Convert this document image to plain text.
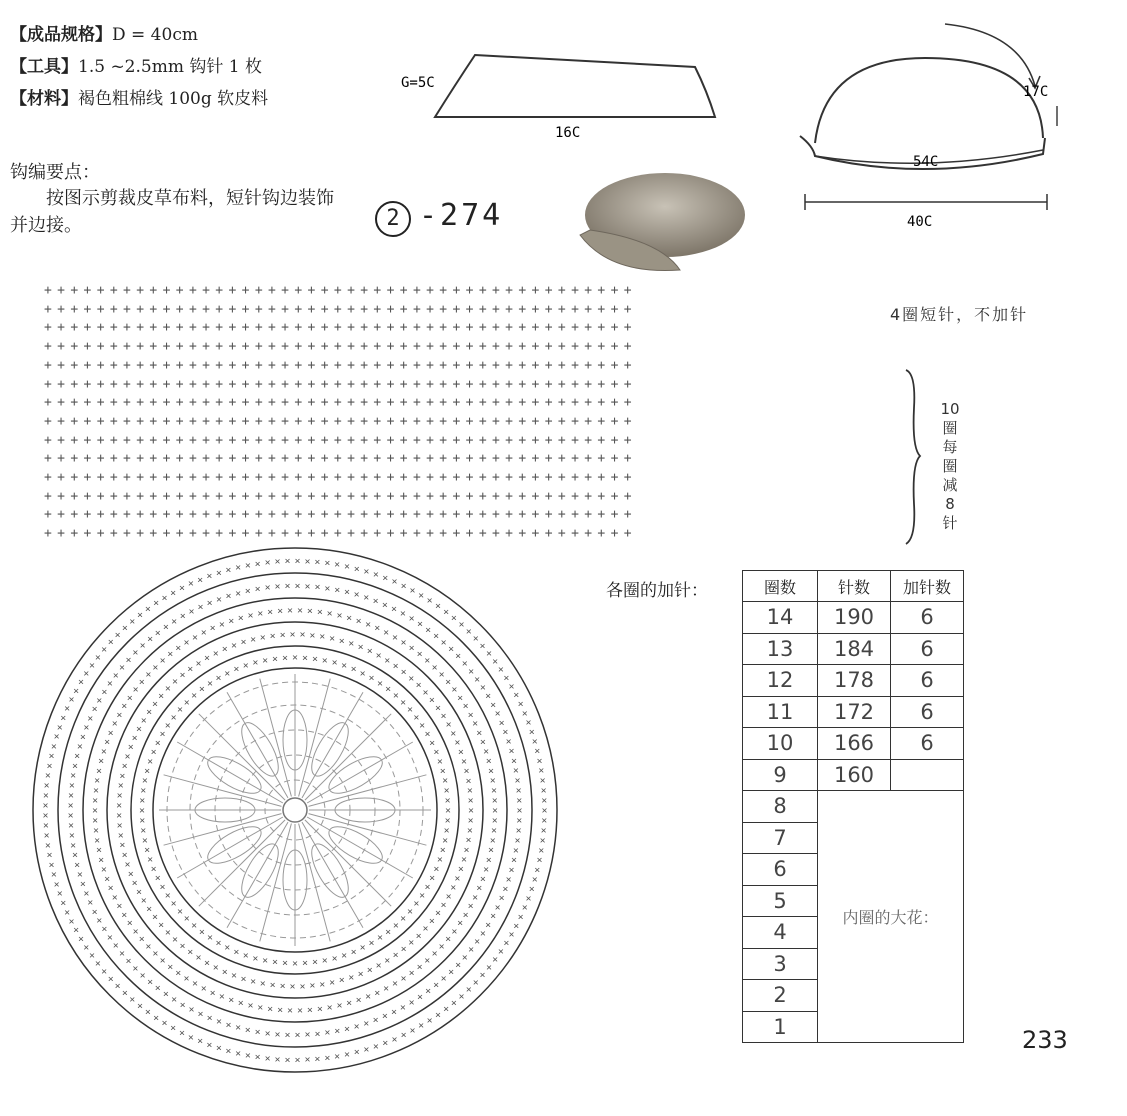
【成品规格】D = 40cm
【工具】1.5 ~2.5mm 钩针 1 枚
【材料】褐色粗棉线 100g 软皮料
钩编要点：
按图示剪裁皮草布料，短针钩边装饰并边接。	2 -274
G=5C
16C
17C
54C
40C
+++++++++++++++++++++++++++++++++++++++++++++
+++++++++++++++++++++++++++++++++++++++++++++
+++++++++++++++++++++++++++++++++++++++++++++
+++++++++++++++++++++++++++++++++++++++++++++
+++++++++++++++++++++++++++++++++++++++++++++
+++++++++++++++++++++++++++++++++++++++++++++
+++++++++++++++++++++++++++++++++++++++++++++
+++++++++++++++++++++++++++++++++++++++++++++
+++++++++++++++++++++++++++++++++++++++++++++
+++++++++++++++++++++++++++++++++++++++++++++
+++++++++++++++++++++++++++++++++++++++++++++
+++++++++++++++++++++++++++++++++++++++++++++
+++++++++++++++++++++++++++++++++++++++++++++
+++++++++++++++++++++++++++++++++++++++++++++
4圈短针，不加针
10圈 每圈减8针
×
×
×
×
×
×
×
×
×
×
×
×
×
×
×
×
×
×
×
×
×
×
×
×
×
×
×
×
×
×
×
×
×
×
×
×
×
×
×
×
×
×
×
×
×
×
×
×
×
×
×
×
×
×
×
×
×
×
×
×
×
×
×
×
×
×
×
×
×
×
×
×
×
×
×
×
×
×
×
×
×
×
×
×
×
×
×
×
×
×
×
×
×
×
×
×
×
×
×
×
×
×
×
× × × × × × × × × × × × × × × × × × × × × × × × × × × × × × ×
×
×
×
×
×
×
×
×
×
×
×
×
×
×
×
×
×
×
×
×
×
×
×
×
×
×
×
×
×
×
×
×
×
×
×
×
×
×
×
×
×
×
×
×
×
×
×
×
×
×
×
×
×
×
×
×
×
×
×
×
×
×
×
×
×
×
×
×
×
×
×
×
×
×
×
×
×
×
×
×
×
×
×
×
×
×
×
×
×
×
×
×
×
×
×
×
×
×
×
×
×
×
×
×
×
×
×
×
×
×
×
×
×
×
×
× × × × × × × × × × × × × × × × × × × × × × × × × × × ×
×
×
×
×
×
×
×
×
×
×
×
×
×
×
×
×
×
×
×
×
×
×
×
×
×
×
×
×
×
×
×
×
×
×
×
×
×
×
×
×
×
×
×
×
×
×
×
×
×
×
×
×
×
×
×
×
×
×
×
×
×
×
×
×
×
×
×
×
×
×
×
×
×
×
×
×
×
×
×
×
×
×
×
×
×
×
×
×
×
×
×
×
×
×
×
×
×
×
×
×
×
×
×
×
× × × × × × × × × × × × × × × × × × × × × × × ×
×
×
×
×
×
×
×
×
×
×
×
×
×
×
×
×
×
×
×
×
×
×
×
×
×
×
×
×
×
×
×
×
×
×
×
×
×
×
×
×
×
×
×
×
×
×
×
×
×
×
×
×
×
×
×
×
×
×
×
×
×
×
×
×
×
×
×
×
×
×
×
×
×
×
×
×
×
×
×
×
×
×
×
×
×
×
×
×
×
×
×
×
× × × × × × × × × × × × × × × × × × × × × ×
×
×
×
×
×
×
×
×
×
×
×
×
×
×
×
×
×
×
×
×
×
×
×
×
×
×
×
×
×
×
×
×
×
×
×
×
×
×
×
×
×
×
×
×
×
×
×
×
×
×
×
×
×
×
×
×
×
×
×
×
×
×
×
×
×
×
×
×
×
×
×
×
×
×
×
×
×
×
×
× × × × × × × × × × × × × × × × × × ×
×
×
×
×
×
×
×
×
×
×
×
×
×
×
各圈的加针：	圈数	针数	加针数
14	190	6
13	184	6
12	178	6
11	172	6
10	166	6
9	160	
8	内圈的大花：	
7		
6		
5		
4		
3		
2		
1			233
